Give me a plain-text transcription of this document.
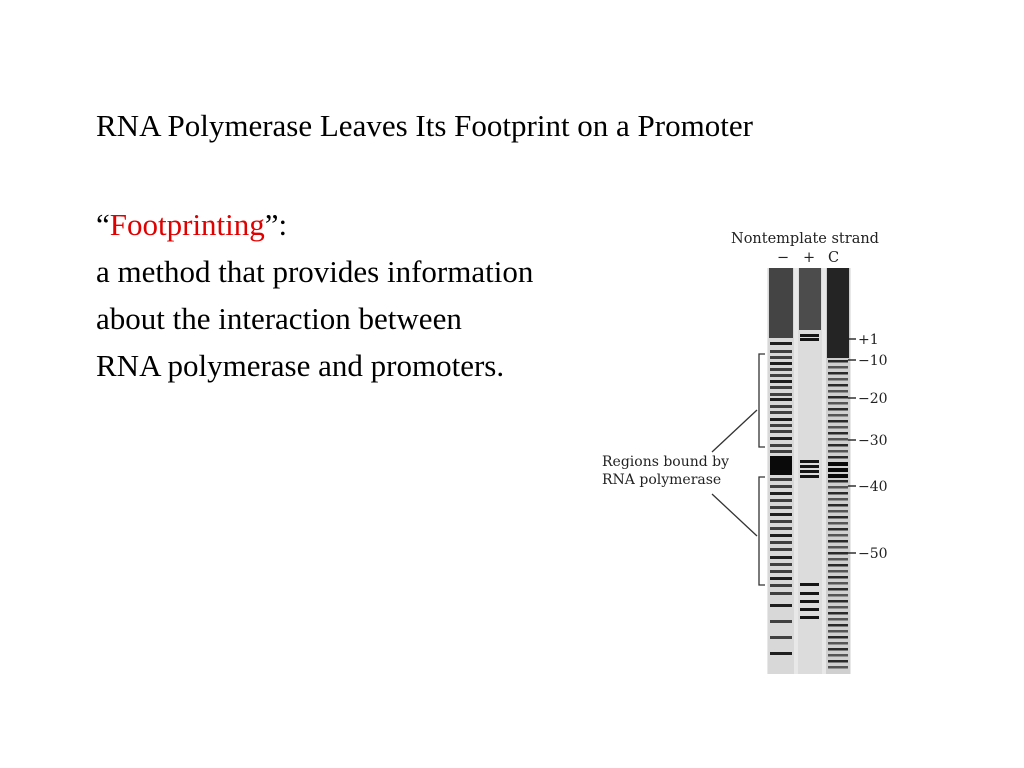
RNA Polymerase Leaves Its Footprint on a Promoter
“Footprinting”:
a method that provides information
about the interaction between
RNA polymerase and promoters.
Nontemplate strand
− + C
+1
−10
−20
−30
−40
−50
Regions bound by
RNA polymerase
